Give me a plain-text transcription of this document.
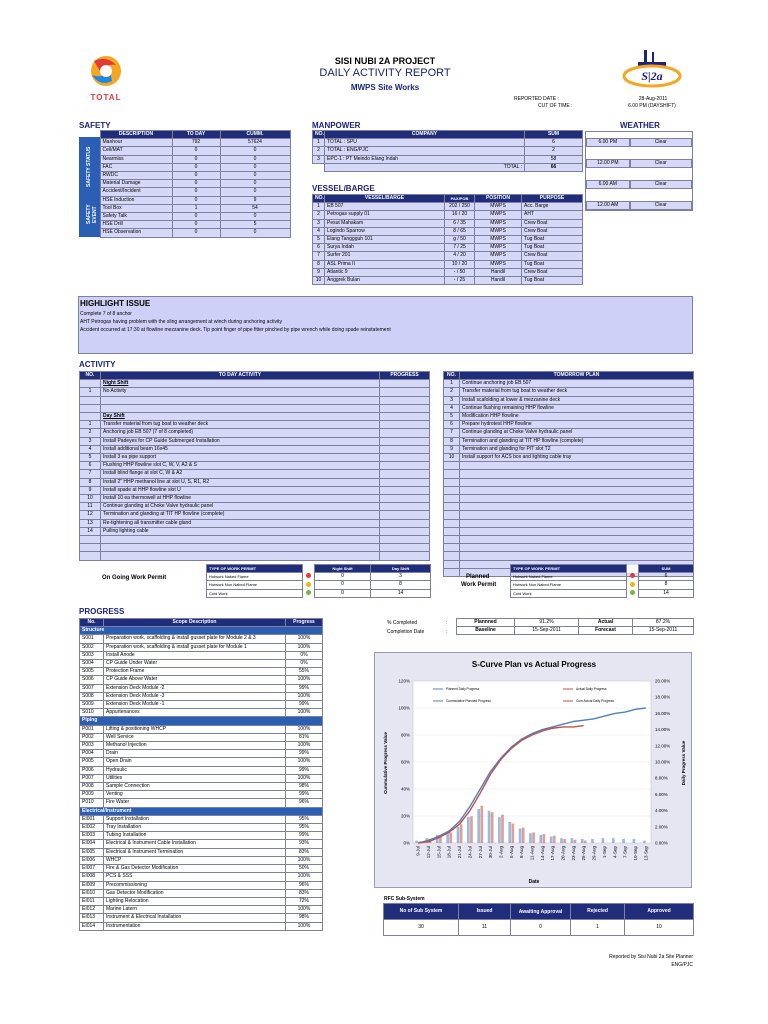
TOTAL
SISI NUBI 2A PROJECT
DAILY ACTIVITY REPORT
MWPS Site Works
S|2a
REPORTED DATE :	28-Aug-2011
CUT OF TIME :	6.00 PM (DAYSHIFT)
SAFETY
	DESCRIPTION	TO DAY	CUMM.
	Manhour	792	57624
	Cell/MAT	0	0
	Nearmiss	0	0
	FAC	0	0
	RWDC	0	0
	Material Damage	0	0
	Accident/Incident	0	0
	HSE Induction	0	9
	Tool Box	1	54
	Safety Talk	0	0
	HSE Drill	0	5
	HSE Observation	0	0
SAFETY STATUS
SAFETY EVENT
MANPOWER
NO.	COMPANY	SUM
1	TOTAL : SPU	6
2	TOTAL : ENG/PJC	2
3	EPC-1 : PT Meindo Elang Indah	58
	TOTAL :	66
VESSEL/BARGE
NO.	VESSEL/BARGE	PAX/POB	POSITION	PURPOSE
1	EB 507	202 / 250	MWPS	Acc. Barge
2	Petrogas supply 01	16 / 20	MWPS	AHT
3	Pesut Mahakam	6 / 35	MWPS	Crew Boat
4	Logindo Sparrow	8 / 65	MWPS	Crew Boat
5	Elang Tanggguh 101	g / 50	MWPS	Tug Boat
6	Surya Indah	7 / 25	MWPS	Tug Boat
7	Surfer 201	4 / 20	MWPS	Crew Boat
8	ASL Prima II	10 / 20	MWPS	Tug Boat
9	Atlantic 9	- / 50	Handil	Crew Boat
10	Anggrek Bulan	- / 25	Handil	Tug Boat
WEATHER
6.00 PM	Clear
12.00 PM	Clear
6.00 AM	Clear
12.00 AM	Clear
HIGHLIGHT ISSUE
Complete 7 of 8 anchor
AHT Petrogas having problem with the sling arrangement at winch during anchoring activity
Accident occurred at 17:30 at flowline mezzanine deck. Tip point finger of pipe fitter pinched by pipe wrench while doing spade reinstatement
ACTIVITY
NO.	TO DAY ACTIVITY	PROGRESS
	Night Shift	
1	No Activity	

	Day Shift	
1	Transfer material from tug boat to weather deck	
2	Anchoring job EB 507 (7 of 8 completed)	
3	Install Padeyes for CP Guide Submerged Installation	
4	Install additional beam 16x45	
5	Install 3 ea pipe support	
6	Flushing HHP flowline slot C, W, V, A2 & S	
7	Install blind flange at slot C, W & A2	
8	Install 2" HHP methanol line at slot U, S, R1, R2	
9	Install spade at HHP flowline slot U	
10	Install 10 ea thermowell at HHP flowline	
11	Continue glanding at Choke Valve hydraulic panel	
12	Termination and glanding at TIT HP flowline (complete)	
13	Re-tightening all transmitter cable gland	
14	Pulling lighting cable	

NO.	TOMORROW PLAN
1	Continue anchoring job EB 507
2	Transfer material from tug boat to weather deck
3	Install scafolding at lower & mezzanine deck
4	Continue flushing remaining HHP flowline
5	Modification HHP flowline
6	Prepare hydrotest HHP flowline
7	Continue glanding at Choke Valve hydraulic panel
8	Termination and glanding at TIT HP flowline (complete)
9	Termination and glanding for PIT slot T2
10	Install support for ACS box and lighting cable tray

On Going Work Permit
TYPE OF WORK PERMIT		Night Shift	Day Shift
Hotwork Naked Flame		0	3
Hotwork Non Naked Flame		0	8
Cold Work		0	14
Planned
Work Permit
TYPE OF WORK PERMIT		SUM
Hotwork Naked Flame		6
Hotwork Non Naked Flame		8
Cold Work		14
PROGRESS
No.	Scope Description	Progress
Structure		
S001	Preparation work, scaffolding & install gusset plate for Module 2 & 3	100%
S002	Preparation work, scaffolding & install gusset plate for Module 1	100%
S003	Install Anode	0%
S004	CP Guide Under Water	0%
S005	Protection Frame	55%
S006	CP Guide Above Water	100%
S007	Extension Deck Module -2	99%
S008	Extension Deck Module -3	100%
S009	Extension Deck Module -1	99%
S010	Appurtenances	100%
Piping		
P001	Lifting & positioning WHCP	100%
P002	Well Service	81%
P003	Methanol Injection	100%
P004	Drain	99%
P005	Open Drain	100%
P006	Hydraulic	99%
P007	Utilities	100%
P008	Sample Connection	98%
P009	Venting	99%
P010	Fire Water	96%
Electrical/Instrument		
EI001	Support Installation	95%
EI002	Tray Installation	95%
EI003	Tubing Installation	99%
EI004	Electrical & Instrument Cable Installation	93%
EI005	Electrical & Instrument Termination	83%
EI006	WHCP	100%
EI007	Fire & Gas Detector Modification	50%
EI008	PCS & SSS	100%
EI009	Precommissioning	96%
EI010	Gas Detector Modification	83%
EI011	Lighting Relocation	72%
EI012	Marine Latern	100%
EI013	Instrument & Electrical Installation	98%
EI014	Instrumentation	100%
% Completed
Completion Date
:
:
Plannned	91.2%	Actual	87.2%
Baseline	15-Sep-2011	Forecast	15-Sep-2011
S-Curve Plan vs Actual Progress
0%
20%
40%
60%
80%
100%
120%
0.00%
2.00%
4.00%
6.00%
8.00%
10.00%
12.00%
14.00%
16.00%
18.00%
20.00%
9-Jul 12-Jul 15-Jul 18-Jul 21-Jul 24-Jul 27-Jul 30-Jul 2-Aug 5-Aug 8-Aug 11-Aug 14-Aug 17-Aug 20-Aug 23-Aug 26-Aug 29-Aug 1-Sep 4-Sep 7-Sep 10-Sep 13-Sep
Planned Daily Progress	Actual Daily Progress
Cummulative Planned Progress	Cum Actual Daily Progress
Date
Cummulative Progress Value	Daily Progress Value
RFC Sub-System
No of Sub System	Issued	Awaiting Approval	Rejected	Approved
30	11	0	1	10
Reported by Sisi Nubi 2a Site Planner
ENG/PJC
